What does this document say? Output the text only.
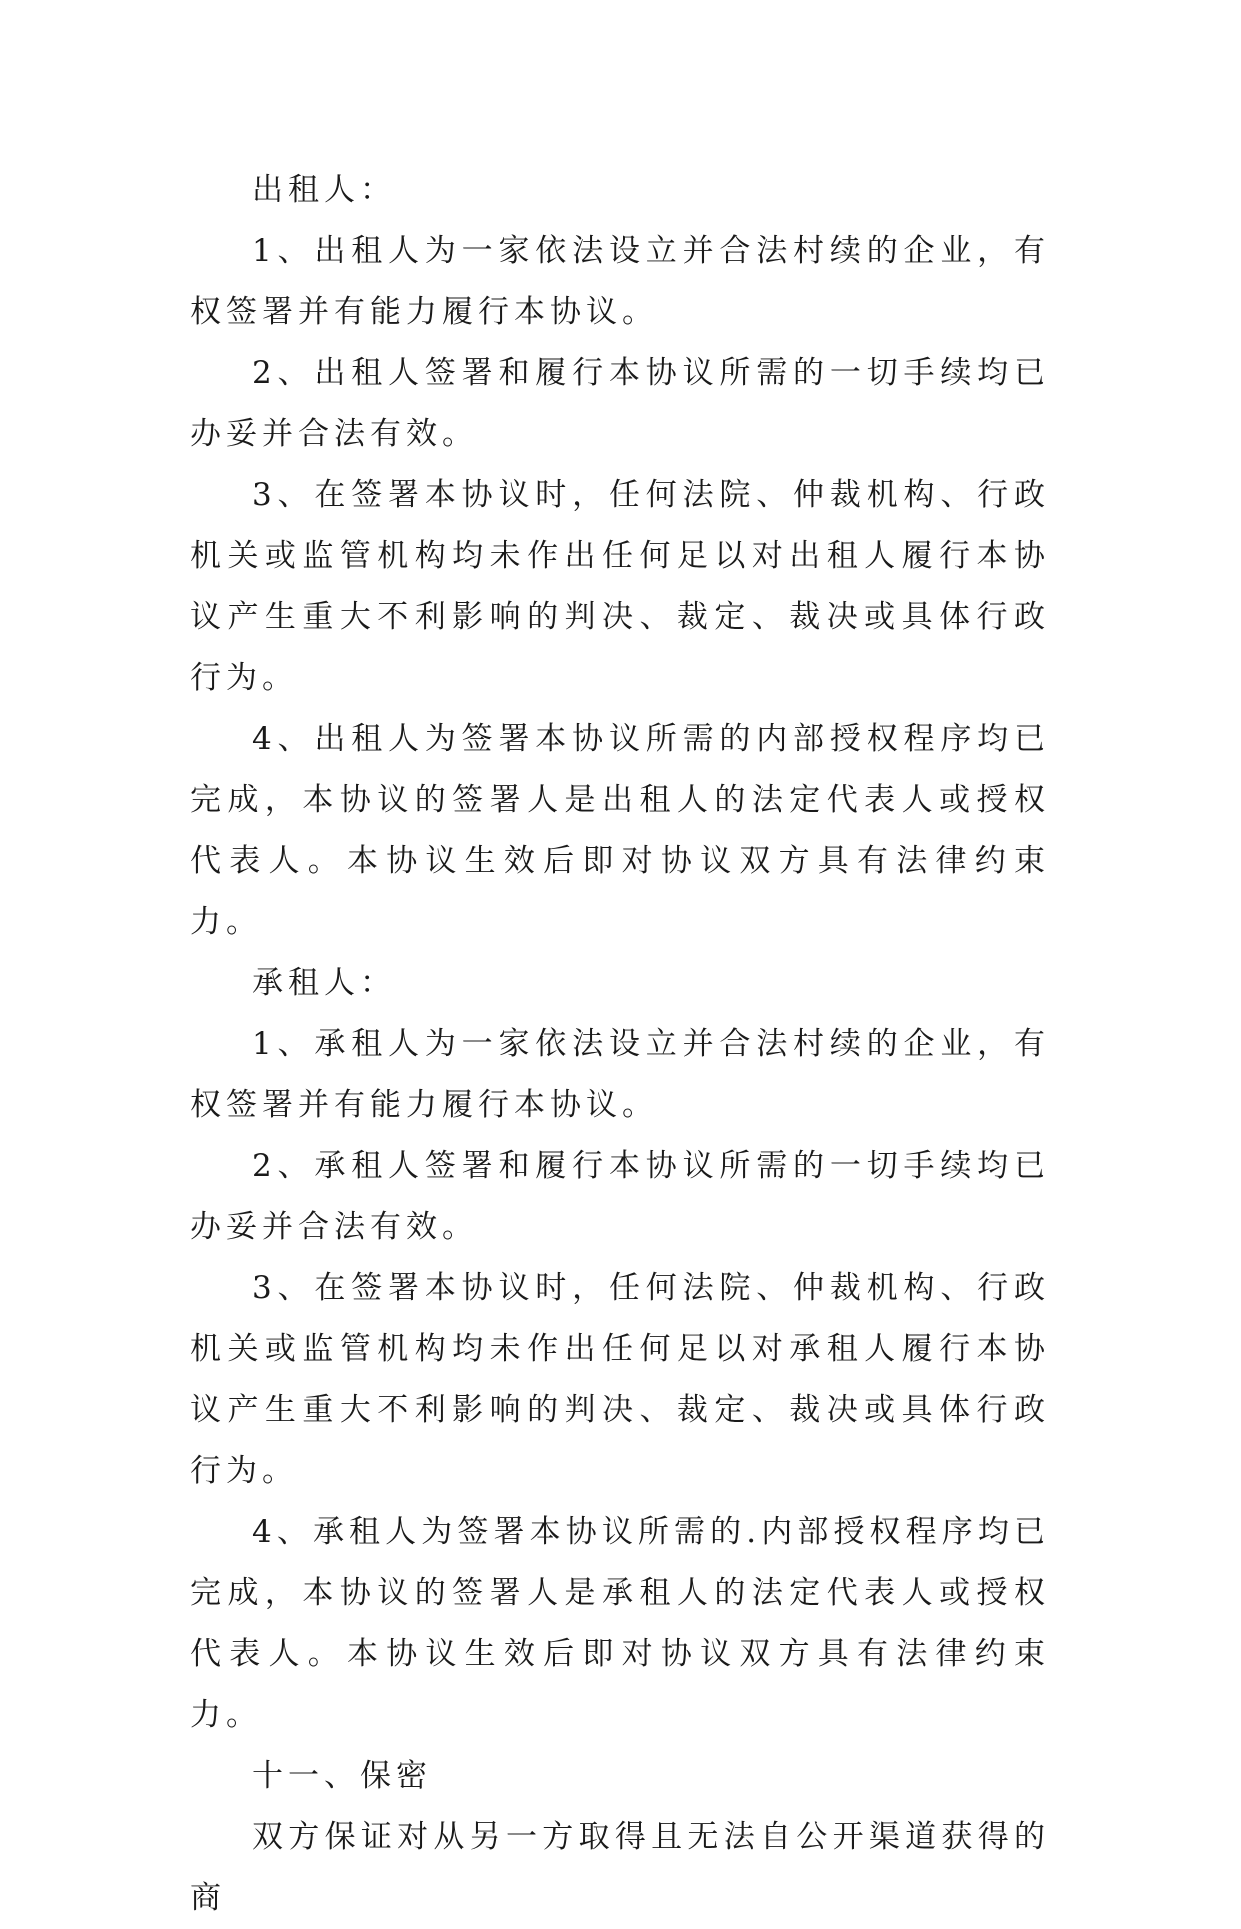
出租人：

1、出租人为一家依法设立并合法村续的企业，有权签署并有能力履行本协议。

2、出租人签署和履行本协议所需的一切手续均已办妥并合法有效。

3、在签署本协议时，任何法院、仲裁机构、行政机关或监管机构均未作出任何足以对出租人履行本协议产生重大不利影响的判决、裁定、裁决或具体行政行为。

4、出租人为签署本协议所需的内部授权程序均已完成，本协议的签署人是出租人的法定代表人或授权代表人。本协议生效后即对协议双方具有法律约束力。

承租人：

1、承租人为一家依法设立并合法村续的企业，有权签署并有能力履行本协议。

2、承租人签署和履行本协议所需的一切手续均已办妥并合法有效。

3、在签署本协议时，任何法院、仲裁机构、行政机关或监管机构均未作出任何足以对承租人履行本协议产生重大不利影响的判决、裁定、裁决或具体行政行为。

4、承租人为签署本协议所需的.内部授权程序均已完成，本协议的签署人是承租人的法定代表人或授权代表人。本协议生效后即对协议双方具有法律约束力。

十一、保密

双方保证对从另一方取得且无法自公开渠道获得的商
